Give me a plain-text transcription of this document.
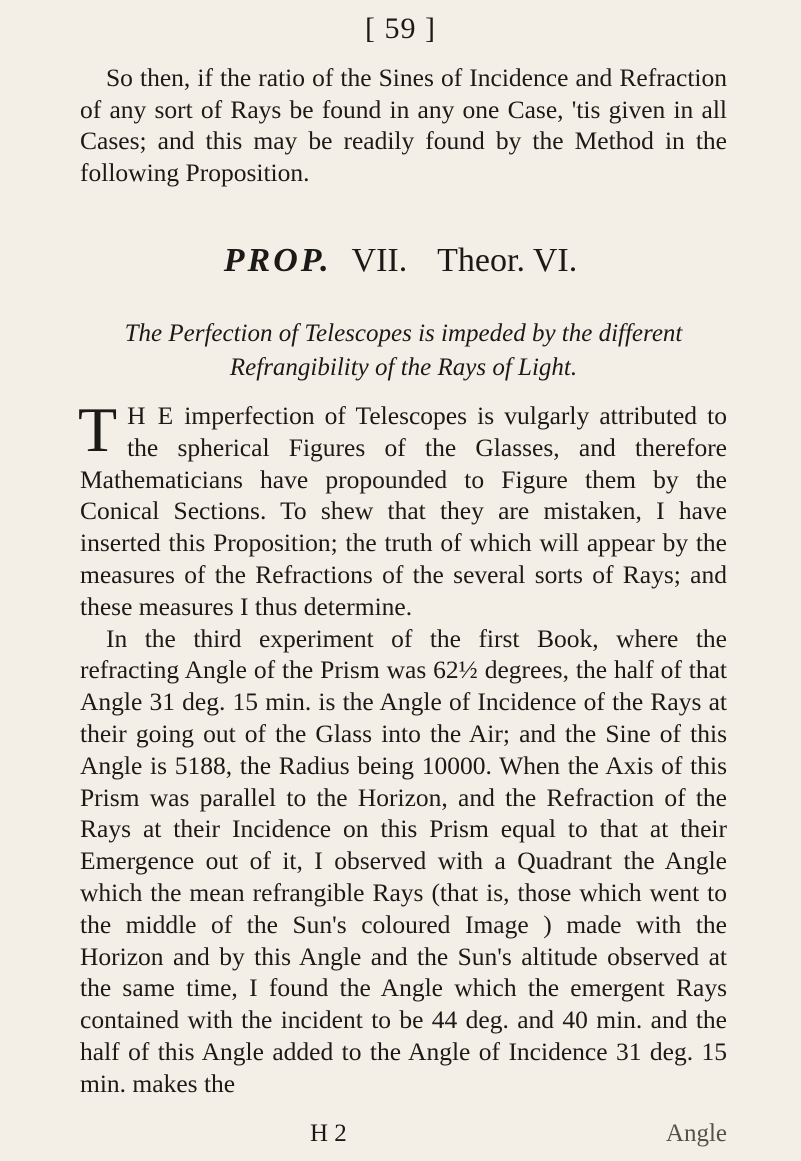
[ 59 ]

So then, if the ratio of the Sines of Incidence and Refraction of any sort of Rays be found in any one Case, 'tis given in all Cases; and this may be readily found by the Method in the following Proposition.

PROP. VII. Theor. VI.

The Perfection of Telescopes is impeded by the different Refrangibility of the Rays of Light.

T H E imperfection of Telescopes is vulgarly attributed to the spherical Figures of the Glasses, and therefore Mathematicians have propounded to Figure them by the Conical Sections. To shew that they are mistaken, I have inserted this Proposition; the truth of which will appear by the measures of the Refractions of the several sorts of Rays; and these measures I thus determine.

In the third experiment of the first Book, where the refracting Angle of the Prism was 62½ degrees, the half of that Angle 31 deg. 15 min. is the Angle of Incidence of the Rays at their going out of the Glass into the Air; and the Sine of this Angle is 5188, the Radius being 10000. When the Axis of this Prism was parallel to the Horizon, and the Refraction of the Rays at their Incidence on this Prism equal to that at their Emergence out of it, I observed with a Quadrant the Angle which the mean refrangible Rays (that is, those which went to the middle of the Sun's coloured Image ) made with the Horizon and by this Angle and the Sun's altitude observed at the same time, I found the Angle which the emergent Rays contained with the incident to be 44 deg. and 40 min. and the half of this Angle added to the Angle of Incidence 31 deg. 15 min. makes the

H 2	Angle
